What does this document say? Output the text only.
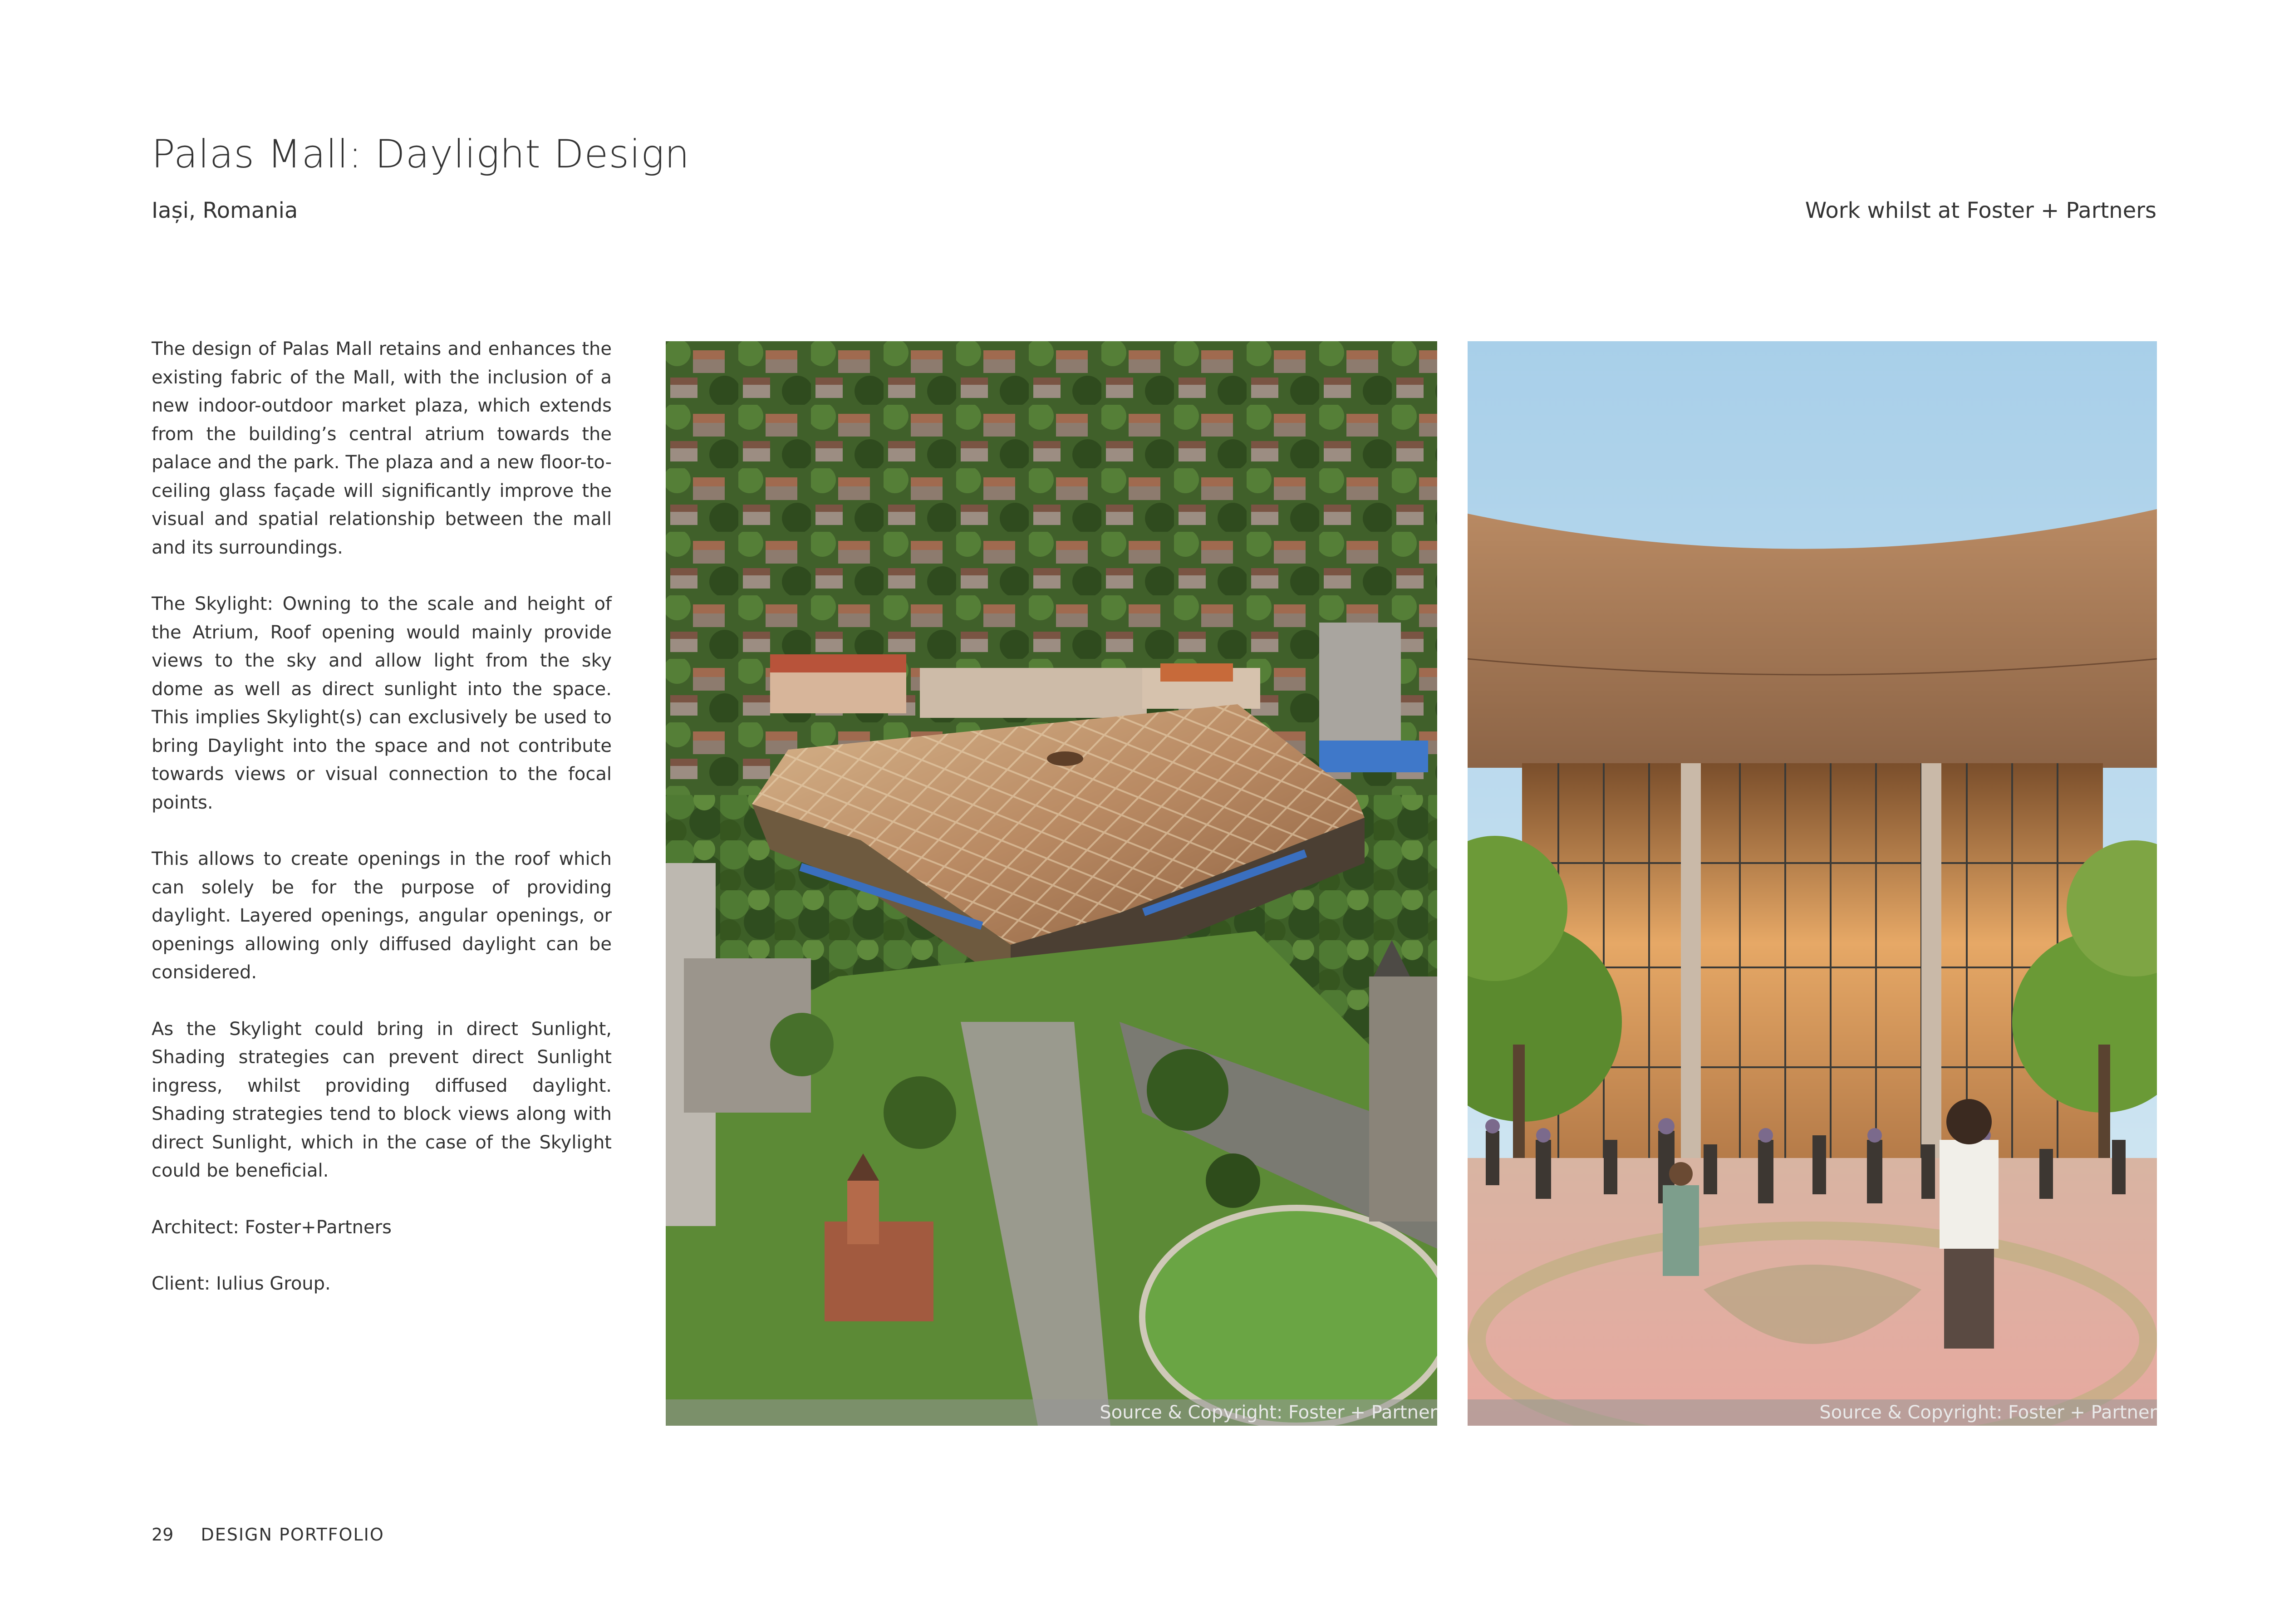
Palas Mall: Daylight Design
Iași, Romania	Work whilst at Foster + Partners

The design of Palas Mall retains and enhances the existing fabric of the Mall, with the inclusion of a new indoor-outdoor market plaza, which extends from the building’s central atrium towards the palace and the park. The plaza and a new floor-to-ceiling glass façade will significantly improve the visual and spatial relationship between the mall and its surroundings.

The Skylight: Owning to the scale and height of the Atrium, Roof opening would mainly provide views to the sky and allow light from the sky dome as well as direct sunlight into the space. This implies Skylight(s) can exclusively be used to bring Daylight into the space and not contribute towards views or visual connection to the focal points.

This allows to create openings in the roof which can solely be for the purpose of providing daylight. Layered openings, angular openings, or openings allowing only diffused daylight can be considered.

As the Skylight could bring in direct Sunlight, Shading strategies can prevent direct Sunlight ingress, whilst providing diffused daylight. Shading strategies tend to block views along with direct Sunlight, which in the case of the Skylight could be beneficial.

Architect: Foster+Partners

Client: Iulius Group.

Source & Copyright: Foster + Partner	Source & Copyright: Foster + Partner
29 DESIGN PORTFOLIO
